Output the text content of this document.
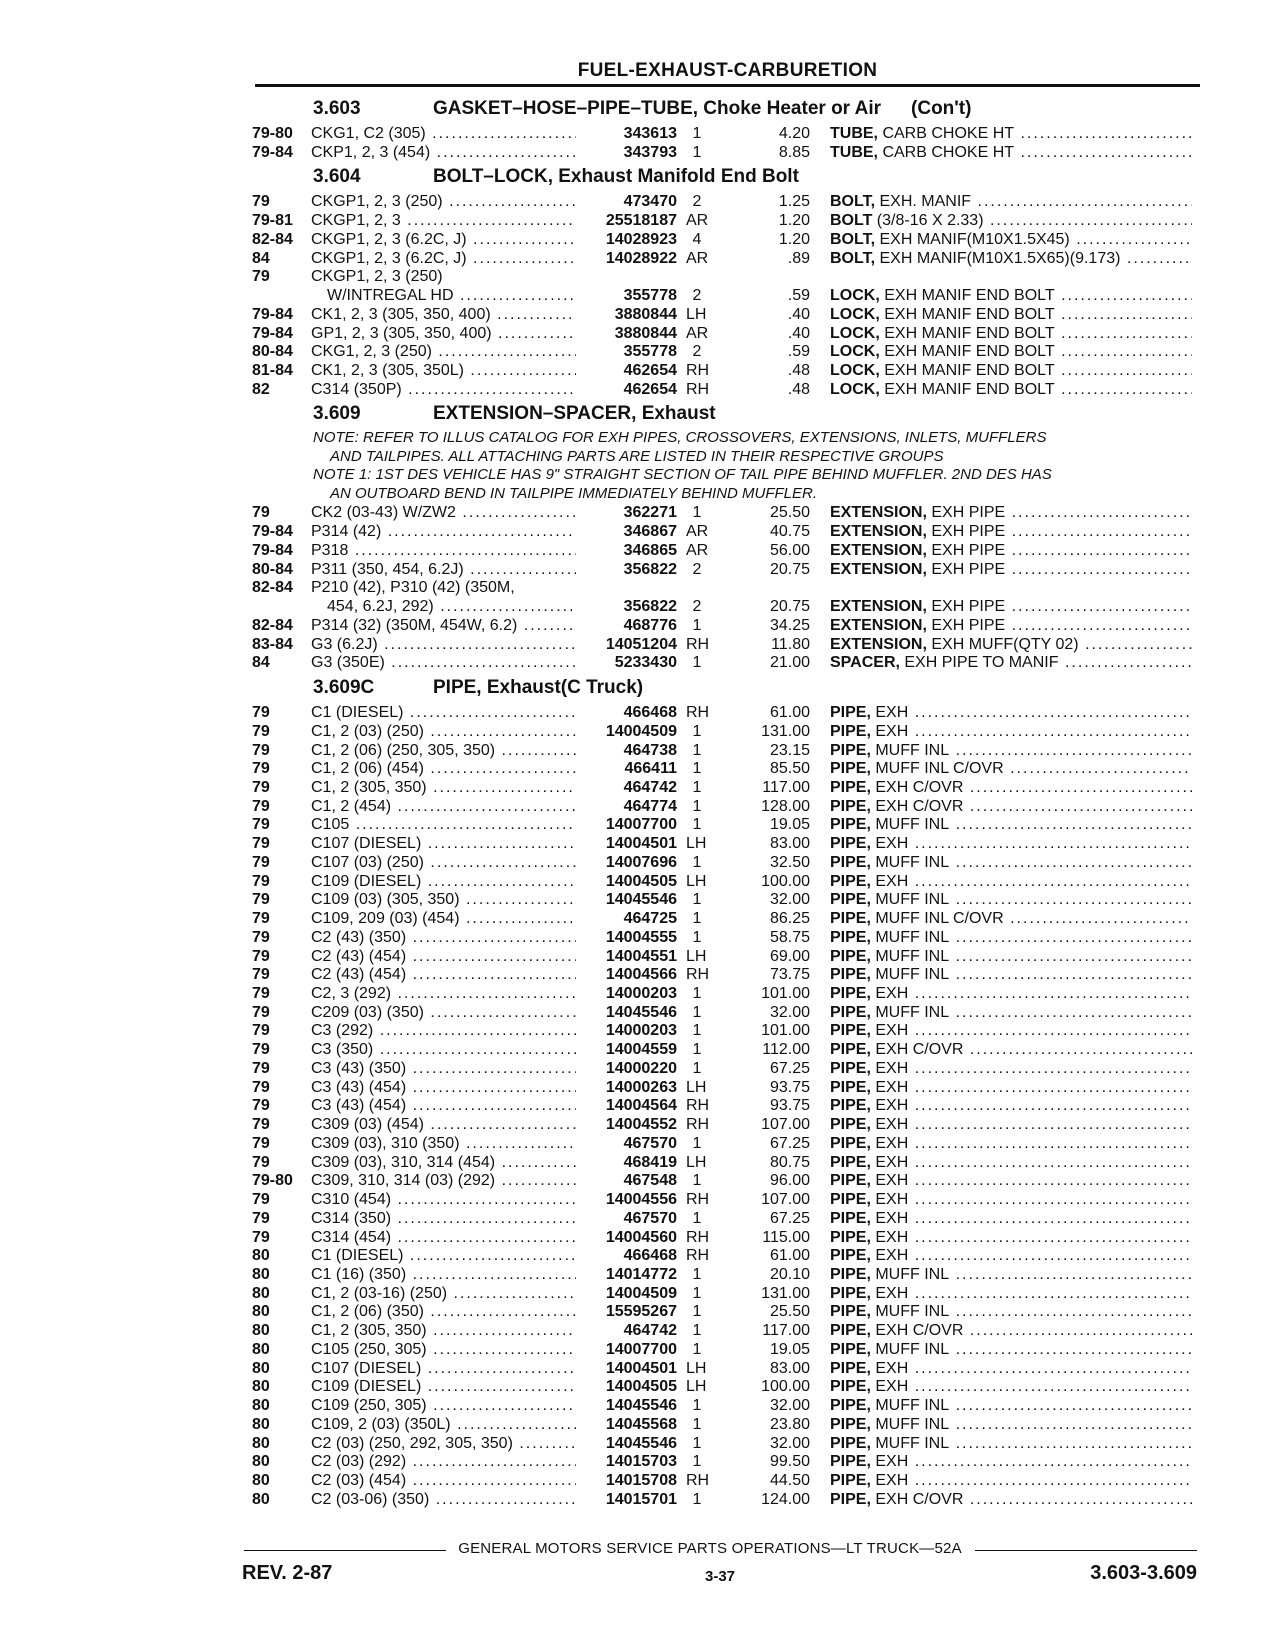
FUEL-EXHAUST-CARBURETION
3.603	GASKET–HOSE–PIPE–TUBE, Choke Heater or Air (Con't)
79-80 CKG1, C2 (305) .....	343613 1	4.20 TUBE, CARB CHOKE HT .....
79-84 CKP1, 2, 3 (454) .....	343793 1	8.85 TUBE, CARB CHOKE HT .....
3.604	BOLT–LOCK, Exhaust Manifold End Bolt
79	CKGP1, 2, 3 (250) .....	473470 2	1.25 BOLT, EXH. MANIF .....
79-81 CKGP1, 2, 3 .....	25518187 AR	1.20 BOLT (3/8-16 X 2.33) .....
82-84 CKGP1, 2, 3 (6.2C, J) .....	14028923 4	1.20 BOLT, EXH MANIF(M10X1.5X45) .....
84	CKGP1, 2, 3 (6.2C, J) .....	14028922 AR	.89 BOLT, EXH MANIF(M10X1.5X65)(9.173) .....
79	CKGP1, 2, 3 (250)
W/INTREGAL HD .....	355778 2	.59 LOCK, EXH MANIF END BOLT .....
79-84 CK1, 2, 3 (305, 350, 400) .....	3880844 LH	.40 LOCK, EXH MANIF END BOLT .....
79-84 GP1, 2, 3 (305, 350, 400) .....	3880844 AR	.40 LOCK, EXH MANIF END BOLT .....
80-84 CKG1, 2, 3 (250) .....	355778 2	.59 LOCK, EXH MANIF END BOLT .....
81-84 CK1, 2, 3 (305, 350L) .....	462654 RH	.48 LOCK, EXH MANIF END BOLT .....
82	C314 (350P) .....	462654 RH	.48 LOCK, EXH MANIF END BOLT .....
3.609	EXTENSION–SPACER, Exhaust
NOTE: REFER TO ILLUS CATALOG FOR EXH PIPES, CROSSOVERS, EXTENSIONS, INLETS, MUFFLERS
AND TAILPIPES. ALL ATTACHING PARTS ARE LISTED IN THEIR RESPECTIVE GROUPS
NOTE 1: 1ST DES VEHICLE HAS 9" STRAIGHT SECTION OF TAIL PIPE BEHIND MUFFLER. 2ND DES HAS
AN OUTBOARD BEND IN TAILPIPE IMMEDIATELY BEHIND MUFFLER.
79	CK2 (03-43) W/ZW2 .....	362271 1	25.50 EXTENSION, EXH PIPE .....
79-84 P314 (42) .....	346867 AR	40.75 EXTENSION, EXH PIPE .....
79-84 P318 .....	346865 AR	56.00 EXTENSION, EXH PIPE .....
80-84 P311 (350, 454, 6.2J) .....	356822 2	20.75 EXTENSION, EXH PIPE .....
82-84 P210 (42), P310 (42) (350M,
454, 6.2J, 292) .....	356822 2	20.75 EXTENSION, EXH PIPE .....
82-84 P314 (32) (350M, 454W, 6.2) .....	468776 1	34.25 EXTENSION, EXH PIPE .....
83-84 G3 (6.2J) .....	14051204 RH	11.80 EXTENSION, EXH MUFF(QTY 02) .....
84	G3 (350E) .....	5233430 1	21.00 SPACER, EXH PIPE TO MANIF .....
3.609C	PIPE, Exhaust(C Truck)
79	C1 (DIESEL) .....	466468 RH	61.00 PIPE, EXH .....
79	C1, 2 (03) (250) .....	14004509 1	131.00 PIPE, EXH .....
79	C1, 2 (06) (250, 305, 350) .....	464738 1	23.15 PIPE, MUFF INL .....
79	C1, 2 (06) (454) .....	466411 1	85.50 PIPE, MUFF INL C/OVR .....
79	C1, 2 (305, 350) .....	464742 1	117.00 PIPE, EXH C/OVR .....
79	C1, 2 (454) .....	464774 1	128.00 PIPE, EXH C/OVR .....
79	C105 .....	14007700 1	19.05 PIPE, MUFF INL .....
79	C107 (DIESEL) .....	14004501 LH	83.00 PIPE, EXH .....
79	C107 (03) (250) .....	14007696 1	32.50 PIPE, MUFF INL .....
79	C109 (DIESEL) .....	14004505 LH	100.00 PIPE, EXH .....
79	C109 (03) (305, 350) .....	14045546 1	32.00 PIPE, MUFF INL .....
79	C109, 209 (03) (454) .....	464725 1	86.25 PIPE, MUFF INL C/OVR .....
79	C2 (43) (350) .....	14004555 1	58.75 PIPE, MUFF INL .....
79	C2 (43) (454) .....	14004551 LH	69.00 PIPE, MUFF INL .....
79	C2 (43) (454) .....	14004566 RH	73.75 PIPE, MUFF INL .....
79	C2, 3 (292) .....	14000203 1	101.00 PIPE, EXH .....
79	C209 (03) (350) .....	14045546 1	32.00 PIPE, MUFF INL .....
79	C3 (292) .....	14000203 1	101.00 PIPE, EXH .....
79	C3 (350) .....	14004559 1	112.00 PIPE, EXH C/OVR .....
79	C3 (43) (350) .....	14000220 1	67.25 PIPE, EXH .....
79	C3 (43) (454) .....	14000263 LH	93.75 PIPE, EXH .....
79	C3 (43) (454) .....	14004564 RH	93.75 PIPE, EXH .....
79	C309 (03) (454) .....	14004552 RH	107.00 PIPE, EXH .....
79	C309 (03), 310 (350) .....	467570 1	67.25 PIPE, EXH .....
79	C309 (03), 310, 314 (454) .....	468419 LH	80.75 PIPE, EXH .....
79-80 C309, 310, 314 (03) (292) .....	467548 1	96.00 PIPE, EXH .....
79	C310 (454) .....	14004556 RH	107.00 PIPE, EXH .....
79	C314 (350) .....	467570 1	67.25 PIPE, EXH .....
79	C314 (454) .....	14004560 RH	115.00 PIPE, EXH .....
80	C1 (DIESEL) .....	466468 RH	61.00 PIPE, EXH .....
80	C1 (16) (350) .....	14014772 1	20.10 PIPE, MUFF INL .....
80	C1, 2 (03-16) (250) .....	14004509 1	131.00 PIPE, EXH .....
80	C1, 2 (06) (350) .....	15595267 1	25.50 PIPE, MUFF INL .....
80	C1, 2 (305, 350) .....	464742 1	117.00 PIPE, EXH C/OVR .....
80	C105 (250, 305) .....	14007700 1	19.05 PIPE, MUFF INL .....
80	C107 (DIESEL) .....	14004501 LH	83.00 PIPE, EXH .....
80	C109 (DIESEL) .....	14004505 LH	100.00 PIPE, EXH .....
80	C109 (250, 305) .....	14045546 1	32.00 PIPE, MUFF INL .....
80	C109, 2 (03) (350L) .....	14045568 1	23.80 PIPE, MUFF INL .....
80	C2 (03) (250, 292, 305, 350) .....	14045546 1	32.00 PIPE, MUFF INL .....
80	C2 (03) (292) .....	14015703 1	99.50 PIPE, EXH .....
80	C2 (03) (454) .....	14015708 RH	44.50 PIPE, EXH .....
80	C2 (03-06) (350) .....	14015701 1	124.00 PIPE, EXH C/OVR .....
GENERAL MOTORS SERVICE PARTS OPERATIONS—LT TRUCK—52A
REV. 2-87	3-37	3.603-3.609
